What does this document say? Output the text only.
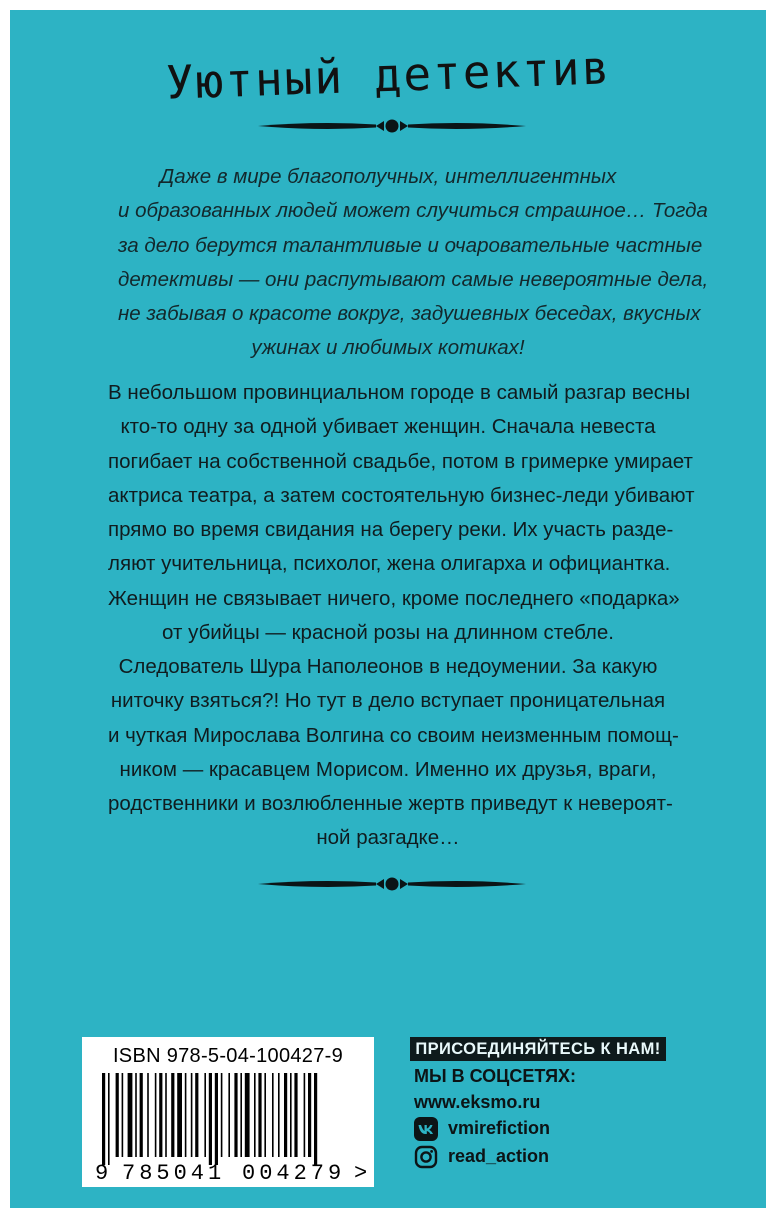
Уютный детектив
Даже в мире благополучных, интеллигентных
и образованных людей может случиться страшное… Тогда
за дело берутся талантливые и очаровательные частные
детективы — они распутывают самые невероятные дела,
не забывая о красоте вокруг, задушевных беседах, вкусных
ужинах и любимых котиках!
В небольшом провинциальном городе в самый разгар весны
кто-то одну за одной убивает женщин. Сначала невеста
погибает на собственной свадьбе, потом в гримерке умирает
актриса театра, а затем состоятельную бизнес-леди убивают
прямо во время свидания на берегу реки. Их участь разде-
ляют учительница, психолог, жена олигарха и официантка.
Женщин не связывает ничего, кроме последнего «подарка»
от убийцы — красной розы на длинном стебле.
Следователь Шура Наполеонов в недоумении. За какую
ниточку взяться?! Но тут в дело вступает проницательная
и чуткая Мирослава Волгина со своим неизменным помощ-
ником — красавцем Морисом. Именно их друзья, враги,
родственники и возлюбленные жертв приведут к невероят-
ной разгадке…
ISBN 978-5-04-100427-9
9 785041 004279 >
ПРИСОЕДИНЯЙТЕСЬ К НАМ!
МЫ В СОЦСЕТЯХ:
www.eksmo.ru
vmirefiction
read_action
